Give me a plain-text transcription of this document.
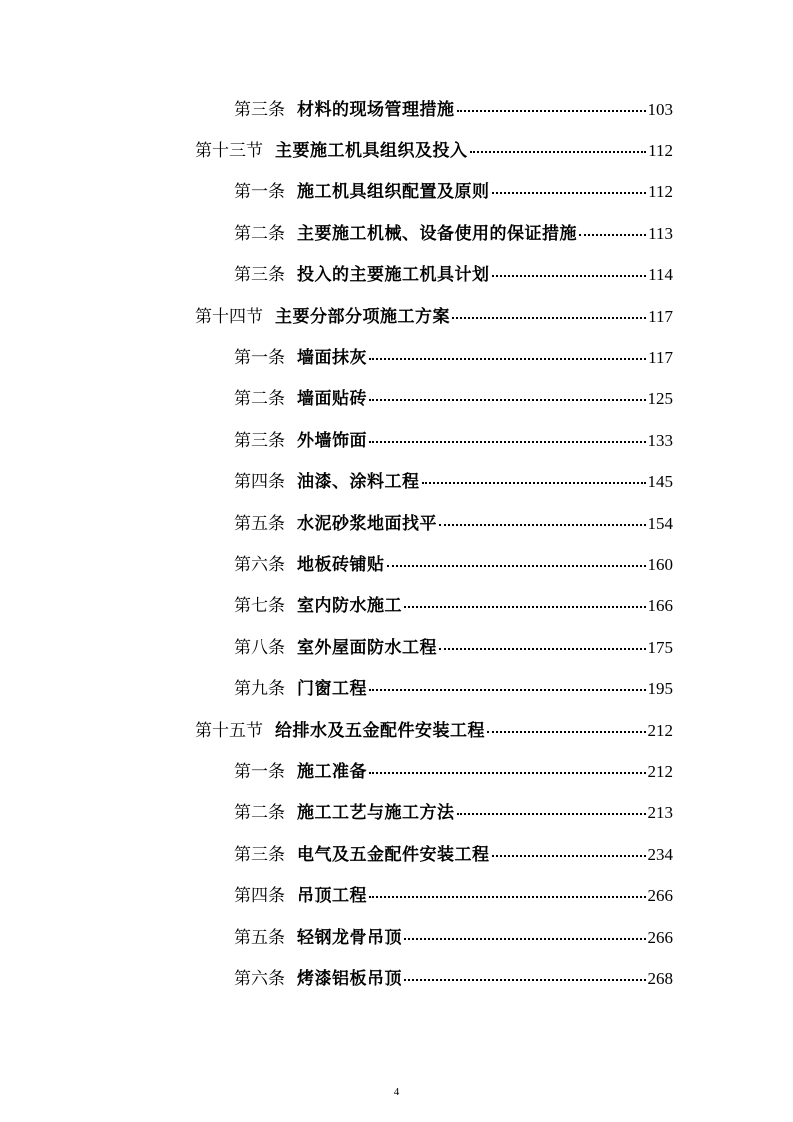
第三条 材料的现场管理措施	103
第十三节 主要施工机具组织及投入	112
第一条 施工机具组织配置及原则	112
第二条 主要施工机械、设备使用的保证措施	113
第三条 投入的主要施工机具计划	114
第十四节 主要分部分项施工方案	117
第一条 墙面抹灰	117
第二条 墙面贴砖	125
第三条 外墙饰面	133
第四条 油漆、涂料工程	145
第五条 水泥砂浆地面找平	154
第六条 地板砖铺贴	160
第七条 室内防水施工	166
第八条 室外屋面防水工程	175
第九条 门窗工程	195
第十五节 给排水及五金配件安装工程	212
第一条 施工准备	212
第二条 施工工艺与施工方法	213
第三条 电气及五金配件安装工程	234
第四条 吊顶工程	266
第五条 轻钢龙骨吊顶	266
第六条 烤漆铝板吊顶	268
4
